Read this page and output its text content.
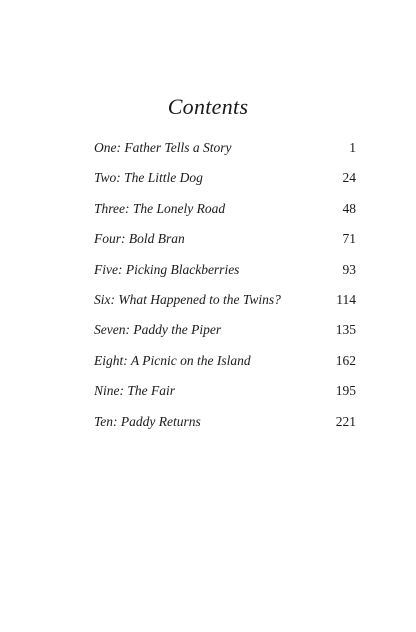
Contents
One: Father Tells a Story	1
Two: The Little Dog	24
Three: The Lonely Road	48
Four: Bold Bran	71
Five: Picking Blackberries	93
Six: What Happened to the Twins?	114
Seven: Paddy the Piper	135
Eight: A Picnic on the Island	162
Nine: The Fair	195
Ten: Paddy Returns	221
